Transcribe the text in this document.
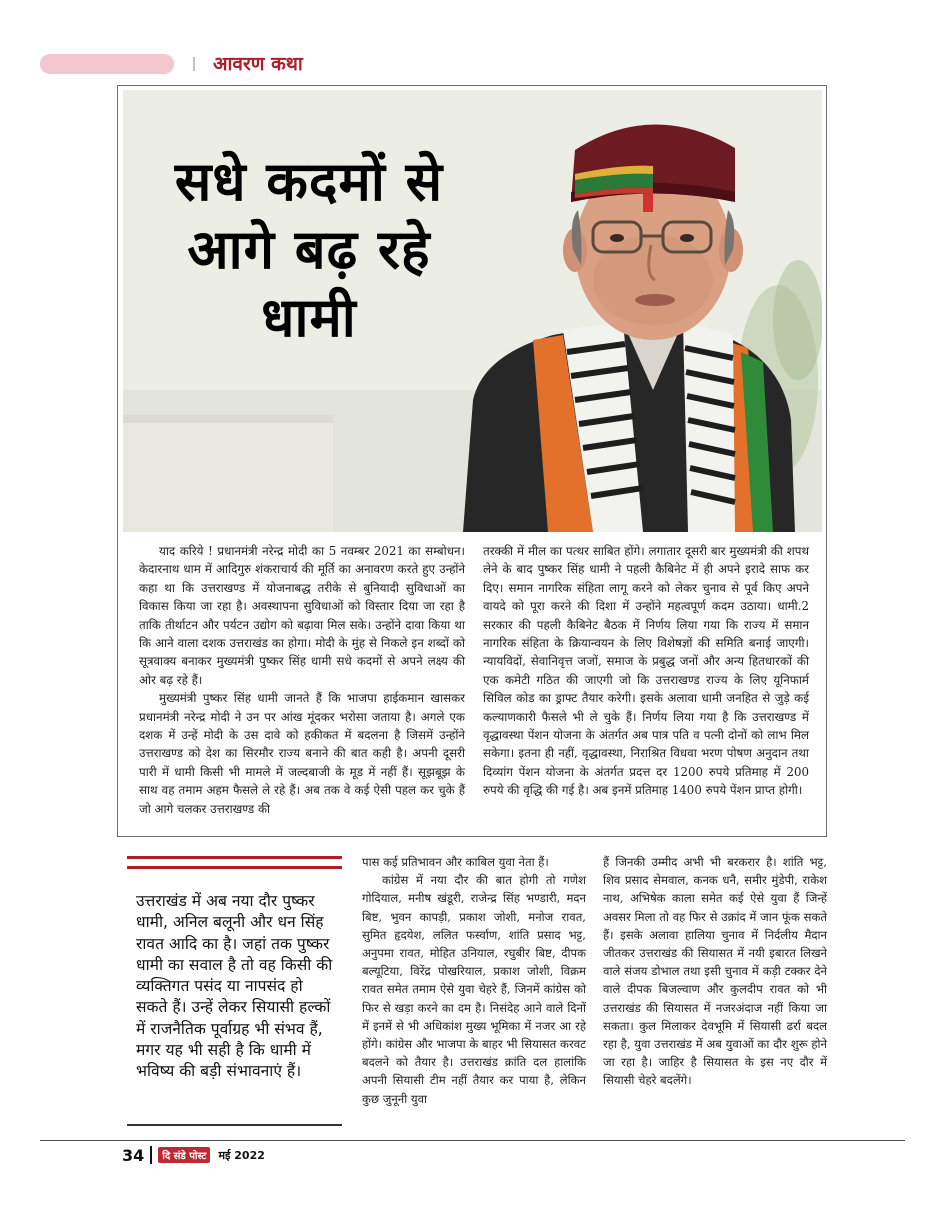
आवरण कथा
सधे कदमों से आगे बढ़ रहे धामी

याद करिये ! प्रधानमंत्री नरेन्द्र मोदी का 5 नवम्बर 2021 का सम्बोधन। केदारनाथ धाम में आदिगुरु शंकराचार्य की मूर्ति का अनावरण करते हुए उन्होंने कहा था कि उत्तराखण्ड में योजनाबद्ध तरीके से बुनियादी सुविधाओं का विकास किया जा रहा है। अवस्थापना सुविधाओं को विस्तार दिया जा रहा है ताकि तीर्थाटन और पर्यटन उद्योग को बढ़ावा मिल सके। उन्होंने दावा किया था कि आने वाला दशक उत्तराखंड का होगा। मोदी के मुंह से निकले इन शब्दों को सूत्रवाक्य बनाकर मुख्यमंत्री पुष्कर सिंह धामी सधे कदमों से अपने लक्ष्य की ओर बढ़ रहे हैं।

मुख्यमंत्री पुष्कर सिंह धामी जानते हैं कि भाजपा हाईकमान खासकर प्रधानमंत्री नरेन्द्र मोदी ने उन पर आंख मूंदकर भरोसा जताया है। अगले एक दशक में उन्हें मोदी के उस दावे को हकीकत में बदलना है जिसमें उन्होंने उत्तराखण्ड को देश का सिरमौर राज्य बनाने की बात कही है। अपनी दूसरी पारी में धामी किसी भी मामले में जल्दबाजी के मूड में नहीं हैं। सूझबूझ के साथ वह तमाम अहम फैसले ले रहे हैं। अब तक वे कई ऐसी पहल कर चुके हैं जो आगे चलकर उत्तराखण्ड की

तरक्की में मील का पत्थर साबित होंगे। लगातार दूसरी बार मुख्यमंत्री की शपथ लेने के बाद पुष्कर सिंह धामी ने पहली कैबिनेट में ही अपने इरादे साफ कर दिए। समान नागरिक संहिता लागू करने को लेकर चुनाव से पूर्व किए अपने वायदे को पूरा करने की दिशा में उन्होंने महत्वपूर्ण कदम उठाया। धामी.2 सरकार की पहली कैबिनेट बैठक में निर्णय लिया गया कि राज्य में समान नागरिक संहिता के क्रियान्वयन के लिए विशेषज्ञों की समिति बनाई जाएगी। न्यायविदों, सेवानिवृत्त जजों, समाज के प्रबुद्ध जनों और अन्य हितधारकों की एक कमेटी गठित की जाएगी जो कि उत्तराखण्ड राज्य के लिए यूनिफार्म सिविल कोड का ड्राफ्ट तैयार करेगी। इसके अलावा धामी जनहित से जुड़े कई कल्याणकारी फैसले भी ले चुके हैं। निर्णय लिया गया है कि उत्तराखण्ड में वृद्धावस्था पेंशन योजना के अंतर्गत अब पात्र पति व पत्नी दोनों को लाभ मिल सकेगा। इतना ही नहीं, वृद्धावस्था, निराश्रित विधवा भरण पोषण अनुदान तथा दिव्यांग पेंशन योजना के अंतर्गत प्रदत्त दर 1200 रुपये प्रतिमाह में 200 रुपये की वृद्धि की गई है। अब इनमें प्रतिमाह 1400 रुपये पेंशन प्राप्त होगी।

उत्तराखंड में अब नया दौर पुष्कर धामी, अनिल बलूनी और धन सिंह रावत आदि का है। जहां तक पुष्कर धामी का सवाल है तो वह किसी की व्यक्तिगत पसंद या नापसंद हो सकते हैं। उन्हें लेकर सियासी हल्कों में राजनैतिक पूर्वाग्रह भी संभव हैं, मगर यह भी सही है कि धामी में भविष्य की बड़ी संभावनाएं हैं।

पास कई प्रतिभावन और काबिल युवा नेता हैं।

कांग्रेस में नया दौर की बात होगी तो गणेश गोदियाल, मनीष खंडूरी, राजेन्द्र सिंह भण्डारी, मदन बिष्ट, भुवन कापड़ी, प्रकाश जोशी, मनोज रावत, सुमित हृदयेश, ललित फर्स्वाण, शांति प्रसाद भट्ट, अनुपमा रावत, मोहित उनियाल, रघुबीर बिष्ट, दीपक बल्यूटिया, विरेंद्र पोखरियाल, प्रकाश जोशी, विक्रम रावत समेत तमाम ऐसे युवा चेहरे हैं, जिनमें कांग्रेस को फिर से खड़ा करने का दम है। निसंदेह आने वाले दिनों में इनमें से भी अधिकांश मुख्य भूमिका में नजर आ रहे होंगे। कांग्रेस और भाजपा के बाहर भी सियासत करवट बदलने को तैयार है। उत्तराखंड क्रांति दल हालांकि अपनी सियासी टीम नहीं तैयार कर पाया है, लेकिन कुछ जुनूनी युवा

हैं जिनकी उम्मीद अभी भी बरकरार है। शांति भट्ट, शिव प्रसाद सेमवाल, कनक धनै, समीर मुंडेपी, राकेश नाथ, अभिषेक काला समेत कई ऐसे युवा हैं जिन्हें अवसर मिला तो वह फिर से उक्रांद में जान फूंक सकते हैं। इसके अलावा हालिया चुनाव में निर्दलीय मैदान जीतकर उत्तराखंड की सियासत में नयी इबारत लिखने वाले संजय डोभाल तथा इसी चुनाव में कड़ी टक्कर देने वाले दीपक बिजल्वाण और कुलदीप रावत को भी उत्तराखंड की सियासत में नजरअंदाज नहीं किया जा सकता। कुल मिलाकर देवभूमि में सियासी ढर्रा बदल रहा है, युवा उत्तराखंड में अब युवाओं का दौर शुरू होने जा रहा है। जाहिर है सियासत के इस नए दौर में सियासी चेहरे बदलेंगे।

34	दि संडे पोस्ट	मई 2022
